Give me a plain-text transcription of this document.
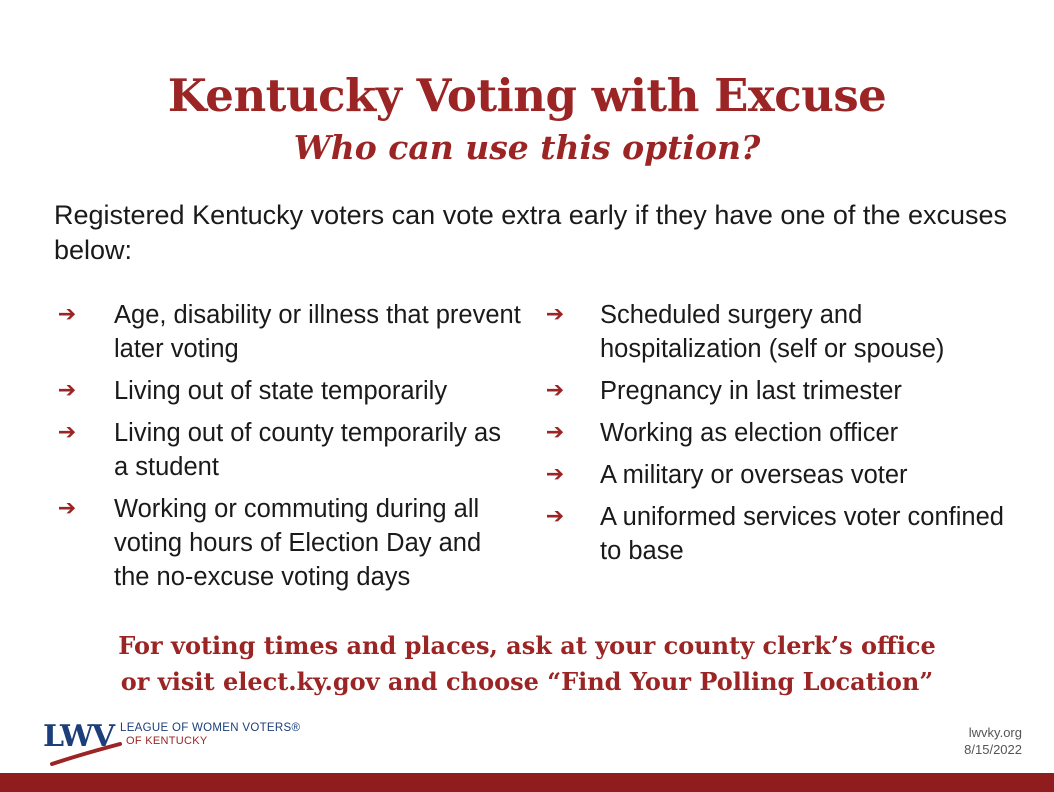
Kentucky Voting with Excuse
Who can use this option?
Registered Kentucky voters can vote extra early if they have one of the excuses below:
➔ Age, disability or illness that prevent later voting
➔ Living out of state temporarily
➔ Living out of county temporarily as a student
➔ Working or commuting during all voting hours of Election Day and the no-excuse voting days
➔ Scheduled surgery and hospitalization (self or spouse)
➔ Pregnancy in last trimester
➔ Working as election officer
➔ A military or overseas voter
➔ A uniformed services voter confined to base
For voting times and places, ask at your county clerk’s office
or visit elect.ky.gov and choose “Find Your Polling Location”
LWV LEAGUE OF WOMEN VOTERS®
OF KENTUCKY
lwvky.org
8/15/2022
